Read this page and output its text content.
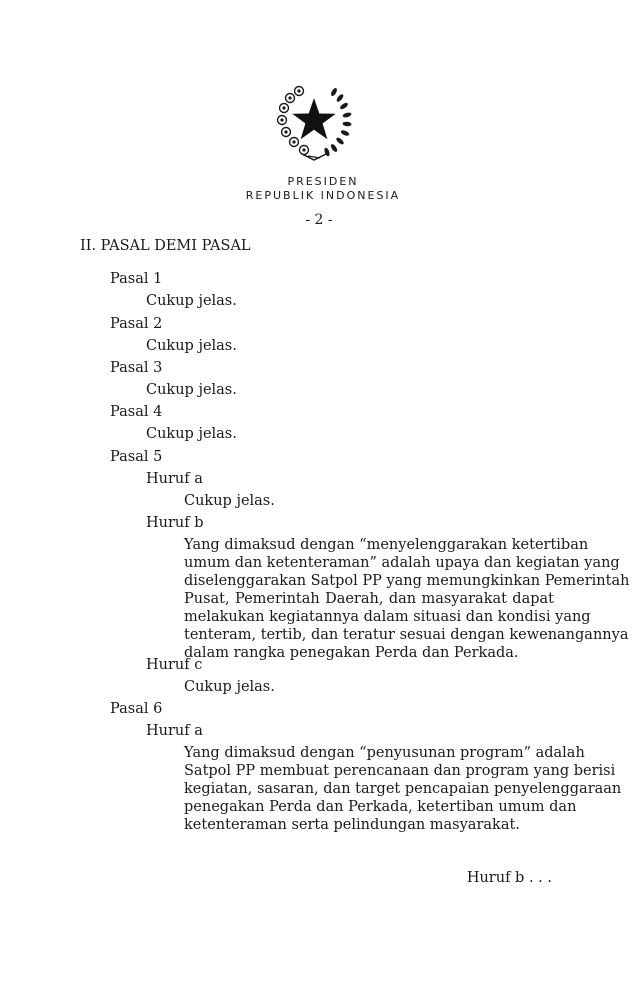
PRESIDEN
REPUBLIK INDONESIA
- 2 -
II. PASAL DEMI PASAL
Pasal 1
Cukup jelas.
Pasal 2
Cukup jelas.
Pasal 3
Cukup jelas.
Pasal 4
Cukup jelas.
Pasal 5
Huruf a
Cukup jelas.
Huruf b
Yang dimaksud dengan “menyelenggarakan ketertiban
umum dan ketenteraman” adalah upaya dan kegiatan yang
diselenggarakan Satpol PP yang memungkinkan Pemerintah
Pusat, Pemerintah Daerah, dan masyarakat dapat
melakukan kegiatannya dalam situasi dan kondisi yang
tenteram, tertib, dan teratur sesuai dengan kewenangannya
dalam rangka penegakan Perda dan Perkada.
Huruf c
Cukup jelas.
Pasal 6
Huruf a
Yang dimaksud dengan “penyusunan program” adalah
Satpol PP membuat perencanaan dan program yang berisi
kegiatan, sasaran, dan target pencapaian penyelenggaraan
penegakan Perda dan Perkada, ketertiban umum dan
ketenteraman serta pelindungan masyarakat.
Huruf b . . .
